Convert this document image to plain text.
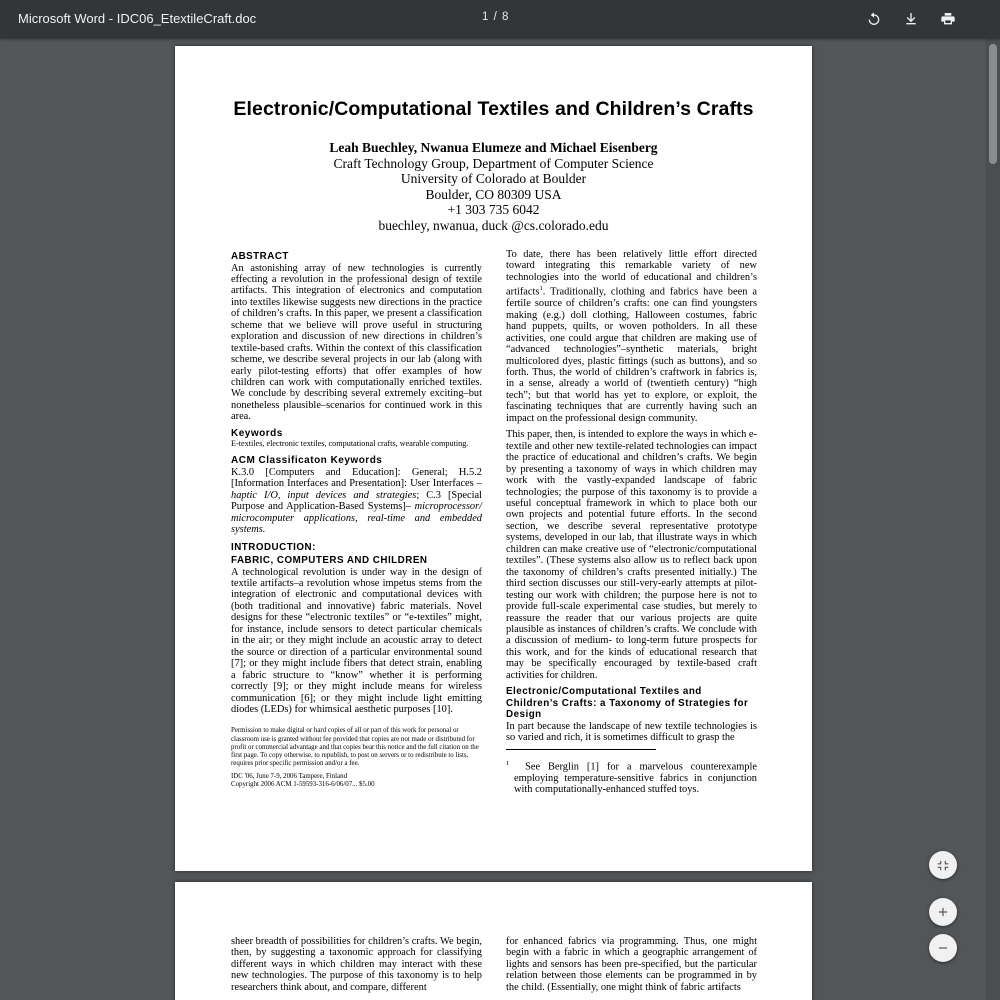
Microsoft Word - IDC06_EtextileCraft.doc	1 / 8
Electronic/Computational Textiles and Children’s Crafts
Leah Buechley, Nwanua Elumeze and Michael Eisenberg
Craft Technology Group, Department of Computer Science
University of Colorado at Boulder
Boulder, CO 80309 USA
+1 303 735 6042
buechley, nwanua, duck @cs.colorado.edu
ABSTRACT
An astonishing array of new technologies is currently effecting a revolution in the professional design of textile artifacts. This integration of electronics and computation into textiles likewise suggests new directions in the practice of children’s crafts. In this paper, we present a classification scheme that we believe will prove useful in structuring exploration and discussion of new directions in children’s textile-based crafts. Within the context of this classification scheme, we describe several projects in our lab (along with early pilot-testing efforts) that offer examples of how children can work with computationally enriched textiles. We conclude by describing several extremely exciting–but nonetheless plausible–scenarios for continued work in this area.
Keywords
E-textiles, electronic textiles, computational crafts, wearable computing.
ACM Classificaton Keywords
K.3.0 [Computers and Education]: General; H.5.2 [Information Interfaces and Presentation]: User Interfaces – haptic I/O, input devices and strategies; C.3 [Special Purpose and Application-Based Systems]– microprocessor/ microcomputer applications, real-time and embedded systems.
INTRODUCTION:
FABRIC, COMPUTERS AND CHILDREN
A technological revolution is under way in the design of textile artifacts–a revolution whose impetus stems from the integration of electronic and computational devices with (both traditional and innovative) fabric materials. Novel designs for these “electronic textiles” or “e-textiles” might, for instance, include sensors to detect particular chemicals in the air; or they might include an acoustic array to detect the source or direction of a particular environmental sound [7]; or they might include fibers that detect strain, enabling a fabric structure to “know” whether it is performing correctly [9]; or they might include means for wireless communication [6]; or they might include light emitting diodes (LEDs) for whimsical aesthetic purposes [10].
Permission to make digital or hard copies of all or part of this work for personal or classroom use is granted without fee provided that copies are not made or distributed for profit or commercial advantage and that copies bear this notice and the full citation on the first page. To copy otherwise, to republish, to post on servers or to redistribute to lists, requires prior specific permission and/or a fee.
IDC '06, June 7-9, 2006 Tampere, Finland
Copyright 2006 ACM 1-59593-316-6/06/07... $5.00
To date, there has been relatively little effort directed toward integrating this remarkable variety of new technologies into the world of educational and children’s artifacts$^1$. Traditionally, clothing and fabrics have been a fertile source of children’s crafts: one can find youngsters making (e.g.) doll clothing, Halloween costumes, fabric hand puppets, quilts, or woven potholders. In all these activities, one could argue that children are making use of “advanced technologies”–synthetic materials, bright multicolored dyes, plastic fittings (such as buttons), and so forth. Thus, the world of children’s craftwork in fabrics is, in a sense, already a world of (twentieth century) “high tech”; but that world has yet to explore, or exploit, the fascinating techniques that are currently having such an impact on the professional design community.
This paper, then, is intended to explore the ways in which e-textile and other new textile-related technologies can impact the practice of educational and children’s crafts. We begin by presenting a taxonomy of ways in which children may work with the vastly-expanded landscape of fabric technologies; the purpose of this taxonomy is to provide a useful conceptual framework in which to place both our own projects and potential future efforts. In the second section, we describe several representative prototype systems, developed in our lab, that illustrate ways in which children can make creative use of “electronic/computational textiles”. (These systems also allow us to reflect back upon the taxonomy of children’s crafts presented initially.) The third section discusses our still-very-early attempts at pilot-testing our work with children; the purpose here is not to provide full-scale experimental case studies, but merely to reassure the reader that our various projects are quite plausible as instances of children’s crafts. We conclude with a discussion of medium- to long-term future prospects for this work, and for the kinds of educational research that may be specifically encouraged by textile-based craft activities for children.
Electronic/Computational Textiles and Children’s Crafts: a Taxonomy of Strategies for Design
In part because the landscape of new textile technologies is so varied and rich, it is sometimes difficult to grasp the
$^1$ See Berglin [1] for a marvelous counterexample employing temperature-sensitive fabrics in conjunction with computationally-enhanced stuffed toys.
sheer breadth of possibilities for children’s crafts. We begin, then, by suggesting a taxonomic approach for classifying different ways in which children may interact with these new technologies. The purpose of this taxonomy is to help researchers think about, and compare, different
for enhanced fabrics via programming. Thus, one might begin with a fabric in which a geographic arrangement of lights and sensors has been pre-specified, but the particular relation between those elements can be programmed in by the child. (Essentially, one might think of fabric artifacts
